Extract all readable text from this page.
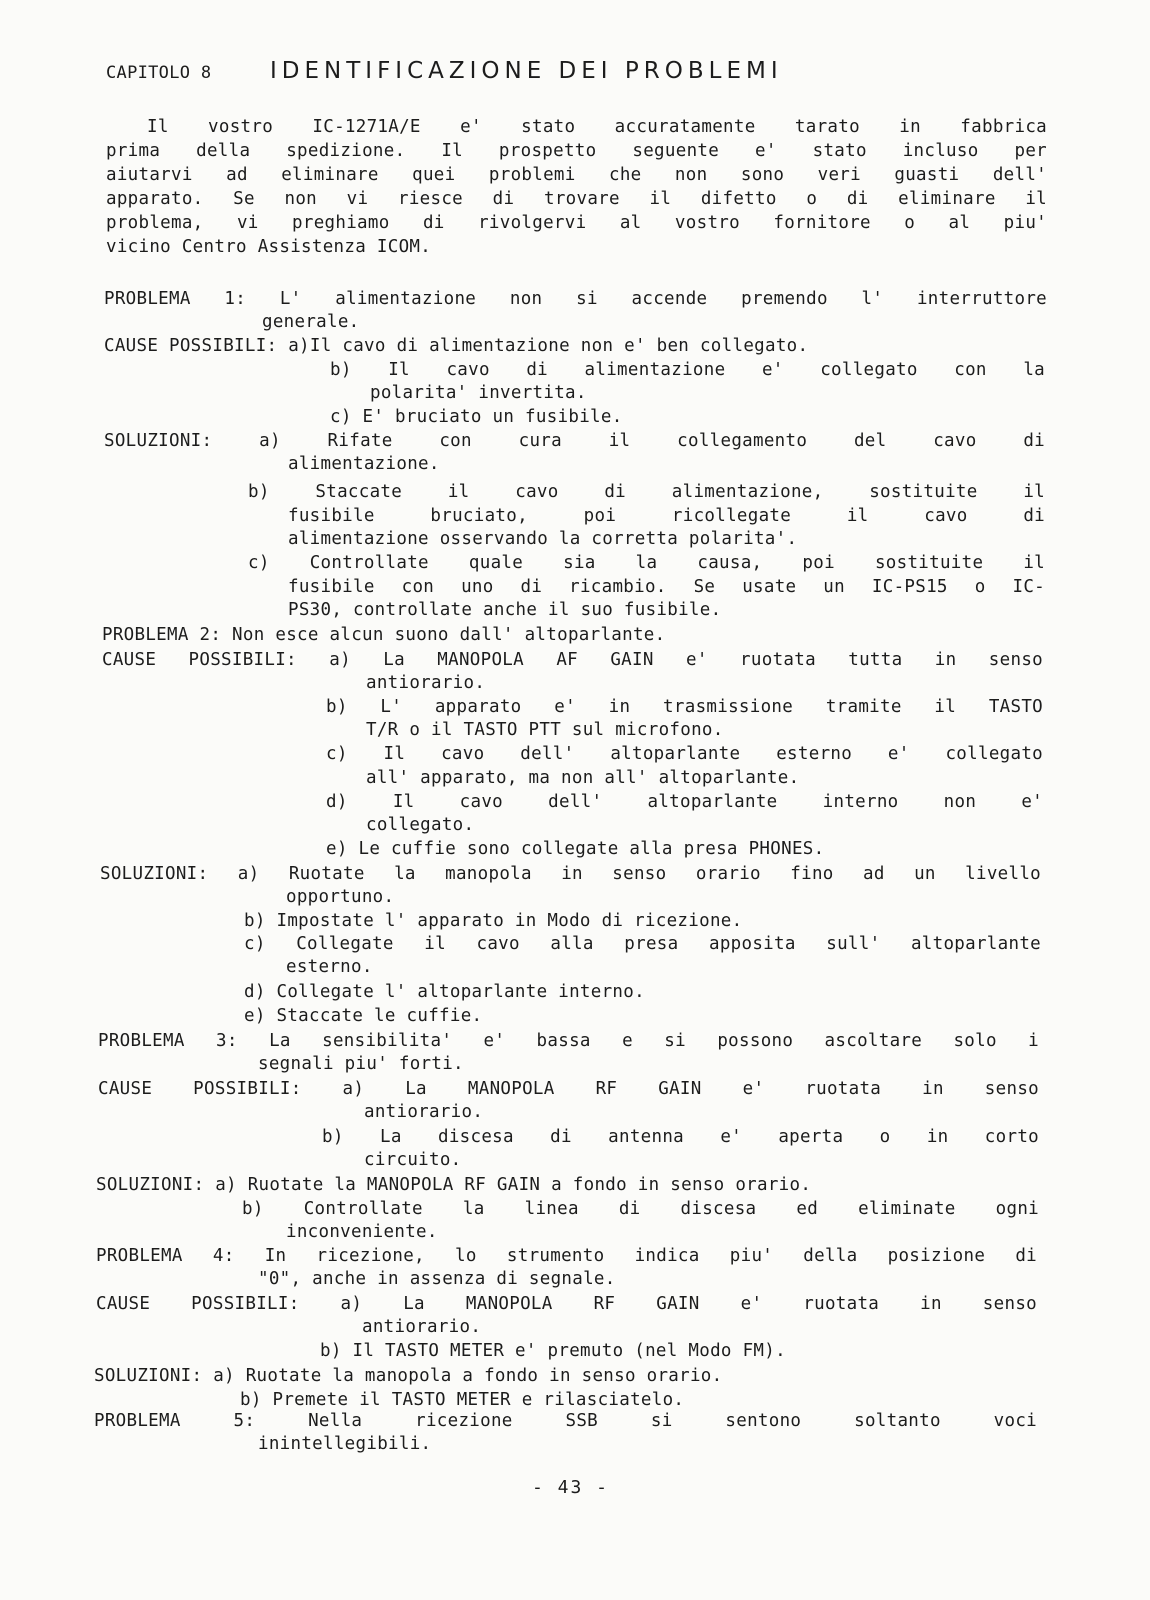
CAPITOLO 8	IDENTIFICAZIONE DEI PROBLEMI
Il vostro IC-1271A/E e' stato accuratamente tarato in fabbrica
prima della spedizione. Il prospetto seguente e' stato incluso per
aiutarvi ad eliminare quei problemi che non sono veri guasti dell'
apparato. Se non vi riesce di trovare il difetto o di eliminare il
problema, vi preghiamo di rivolgervi al vostro fornitore o al piu'
vicino Centro Assistenza ICOM.
PROBLEMA 1: L' alimentazione non si accende premendo l' interruttore
generale.
CAUSE POSSIBILI: a)Il cavo di alimentazione non e' ben collegato.
b) Il cavo di alimentazione e' collegato con la
polarita' invertita.
c) E' bruciato un fusibile.
SOLUZIONI: a) Rifate con cura il collegamento del cavo di
alimentazione.
b) Staccate il cavo di alimentazione, sostituite il
fusibile bruciato, poi ricollegate il cavo di
alimentazione osservando la corretta polarita'.
c) Controllate quale sia la causa, poi sostituite il
fusibile con uno di ricambio. Se usate un IC-PS15 o IC-
PS30, controllate anche il suo fusibile.
PROBLEMA 2: Non esce alcun suono dall' altoparlante.
CAUSE POSSIBILI: a) La MANOPOLA AF GAIN e' ruotata tutta in senso
antiorario.
b) L' apparato e' in trasmissione tramite il TASTO
T/R o il TASTO PTT sul microfono.
c) Il cavo dell' altoparlante esterno e' collegato
all' apparato, ma non all' altoparlante.
d) Il cavo dell' altoparlante interno non e'
collegato.
e) Le cuffie sono collegate alla presa PHONES.
SOLUZIONI: a) Ruotate la manopola in senso orario fino ad un livello
opportuno.
b) Impostate l' apparato in Modo di ricezione.
c) Collegate il cavo alla presa apposita sull' altoparlante
esterno.
d) Collegate l' altoparlante interno.
e) Staccate le cuffie.
PROBLEMA 3: La sensibilita' e' bassa e si possono ascoltare solo i
segnali piu' forti.
CAUSE POSSIBILI: a) La MANOPOLA RF GAIN e' ruotata in senso
antiorario.
b) La discesa di antenna e' aperta o in corto
circuito.
SOLUZIONI: a) Ruotate la MANOPOLA RF GAIN a fondo in senso orario.
b) Controllate la linea di discesa ed eliminate ogni
inconveniente.
PROBLEMA 4: In ricezione, lo strumento indica piu' della posizione di
"0", anche in assenza di segnale.
CAUSE POSSIBILI: a) La MANOPOLA RF GAIN e' ruotata in senso
antiorario.
b) Il TASTO METER e' premuto (nel Modo FM).
SOLUZIONI: a) Ruotate la manopola a fondo in senso orario.
b) Premete il TASTO METER e rilasciatelo.
PROBLEMA 5: Nella ricezione SSB si sentono soltanto voci
inintellegibili.
- 43 -
